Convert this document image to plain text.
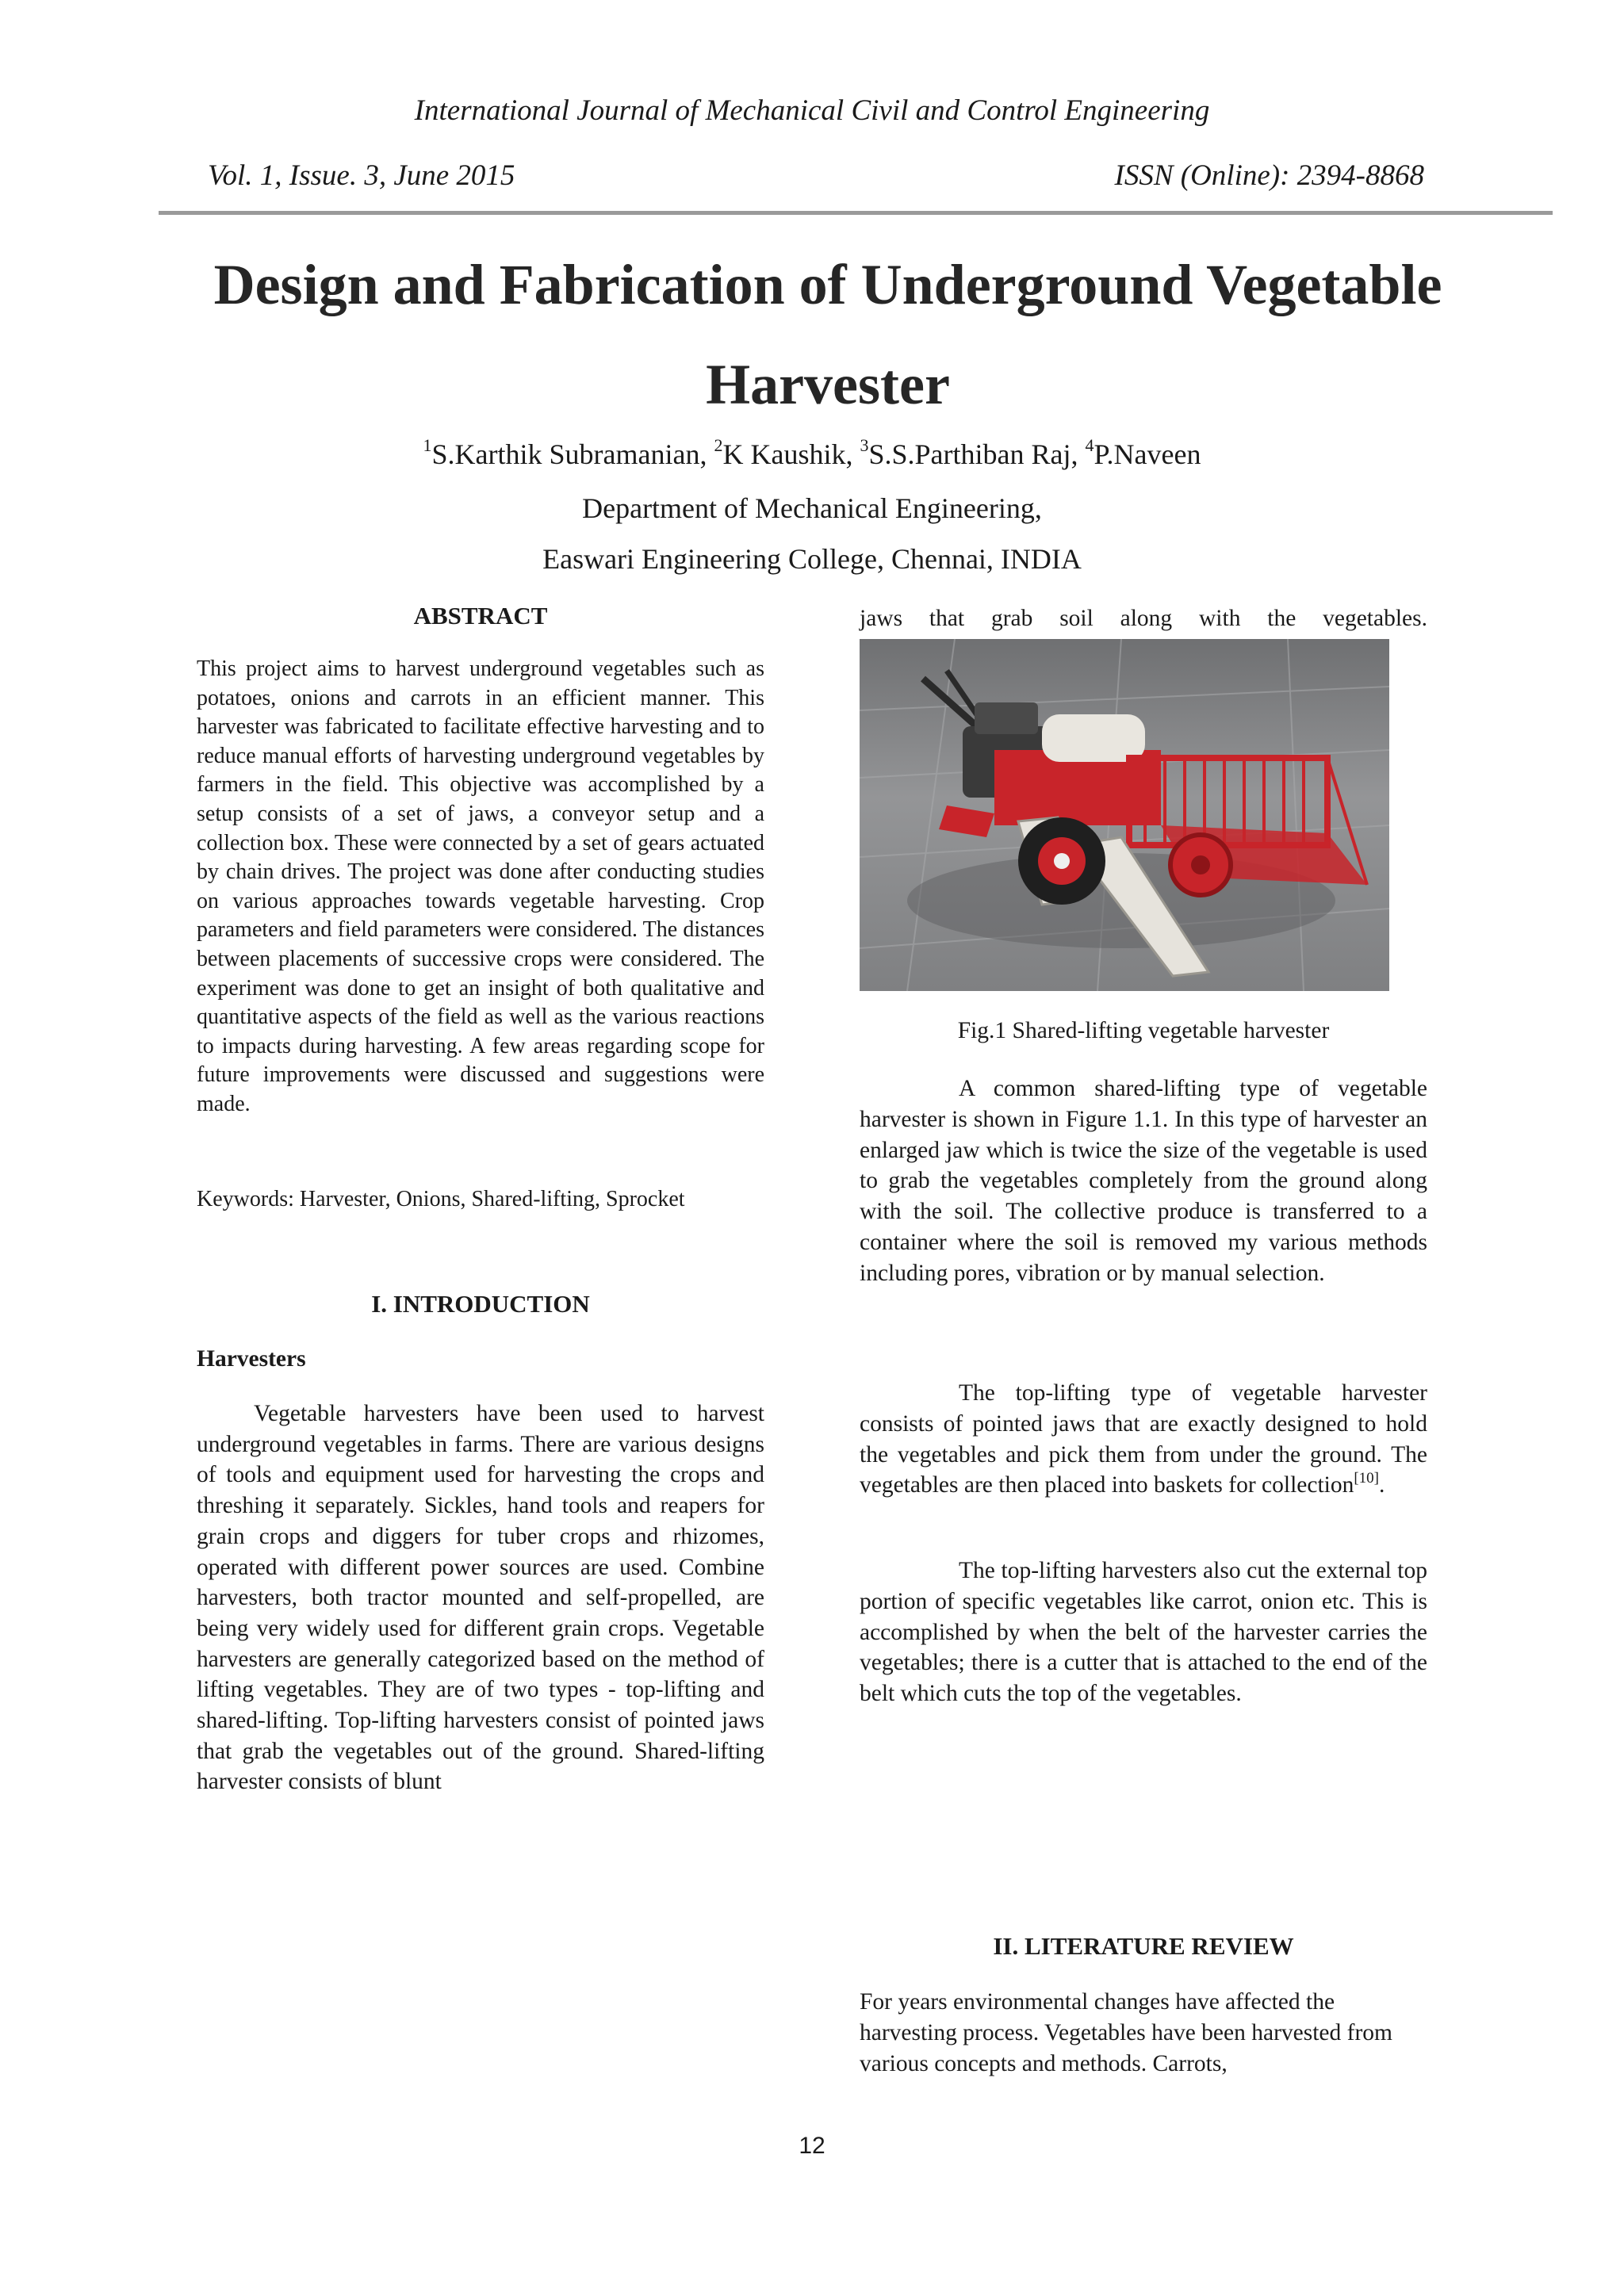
International Journal of Mechanical Civil and Control Engineering
Vol. 1, Issue. 3, June 2015	ISSN (Online): 2394-8868
Design and Fabrication of Underground Vegetable Harvester
$^1$S.Karthik Subramanian, $^2$K Kaushik, $^3$S.S.Parthiban Raj, $^4$P.Naveen
Department of Mechanical Engineering,
Easwari Engineering College, Chennai, INDIA

ABSTRACT

This project aims to harvest underground vegetables such as potatoes, onions and carrots in an efficient manner. This harvester was fabricated to facilitate effective harvesting and to reduce manual efforts of harvesting underground vegetables by farmers in the field. This objective was accomplished by a setup consists of a set of jaws, a conveyor setup and a collection box. These were connected by a set of gears actuated by chain drives. The project was done after conducting studies on various approaches towards vegetable harvesting. Crop parameters and field parameters were considered. The distances between placements of successive crops were considered. The experiment was done to get an insight of both qualitative and quantitative aspects of the field as well as the various reactions to impacts during harvesting. A few areas regarding scope for future improvements were discussed and suggestions were made.

Keywords: Harvester, Onions, Shared-lifting, Sprocket

I. INTRODUCTION

Harvesters

Vegetable harvesters have been used to harvest underground vegetables in farms. There are various designs of tools and equipment used for harvesting the crops and threshing it separately. Sickles, hand tools and reapers for grain crops and diggers for tuber crops and rhizomes, operated with different power sources are used. Combine harvesters, both tractor mounted and self-propelled, are being very widely used for different grain crops. Vegetable harvesters are generally categorized based on the method of lifting vegetables. They are of two types - top-lifting and shared-lifting. Top-lifting harvesters consist of pointed jaws that grab the vegetables out of the ground. Shared-lifting harvester consists of blunt

jaws that grab soil along with the vegetables.

Fig.1 Shared-lifting vegetable harvester

A common shared-lifting type of vegetable harvester is shown in Figure 1.1. In this type of harvester an enlarged jaw which is twice the size of the vegetable is used to grab the vegetables completely from the ground along with the soil. The collective produce is transferred to a container where the soil is removed my various methods including pores, vibration or by manual selection.

The top-lifting type of vegetable harvester consists of pointed jaws that are exactly designed to hold the vegetables and pick them from under the ground. The vegetables are then placed into baskets for collection[10].

The top-lifting harvesters also cut the external top portion of specific vegetables like carrot, onion etc. This is accomplished by when the belt of the harvester carries the vegetables; there is a cutter that is attached to the end of the belt which cuts the top of the vegetables.

II. LITERATURE REVIEW

For years environmental changes have affected the harvesting process. Vegetables have been harvested from various concepts and methods. Carrots,

12
